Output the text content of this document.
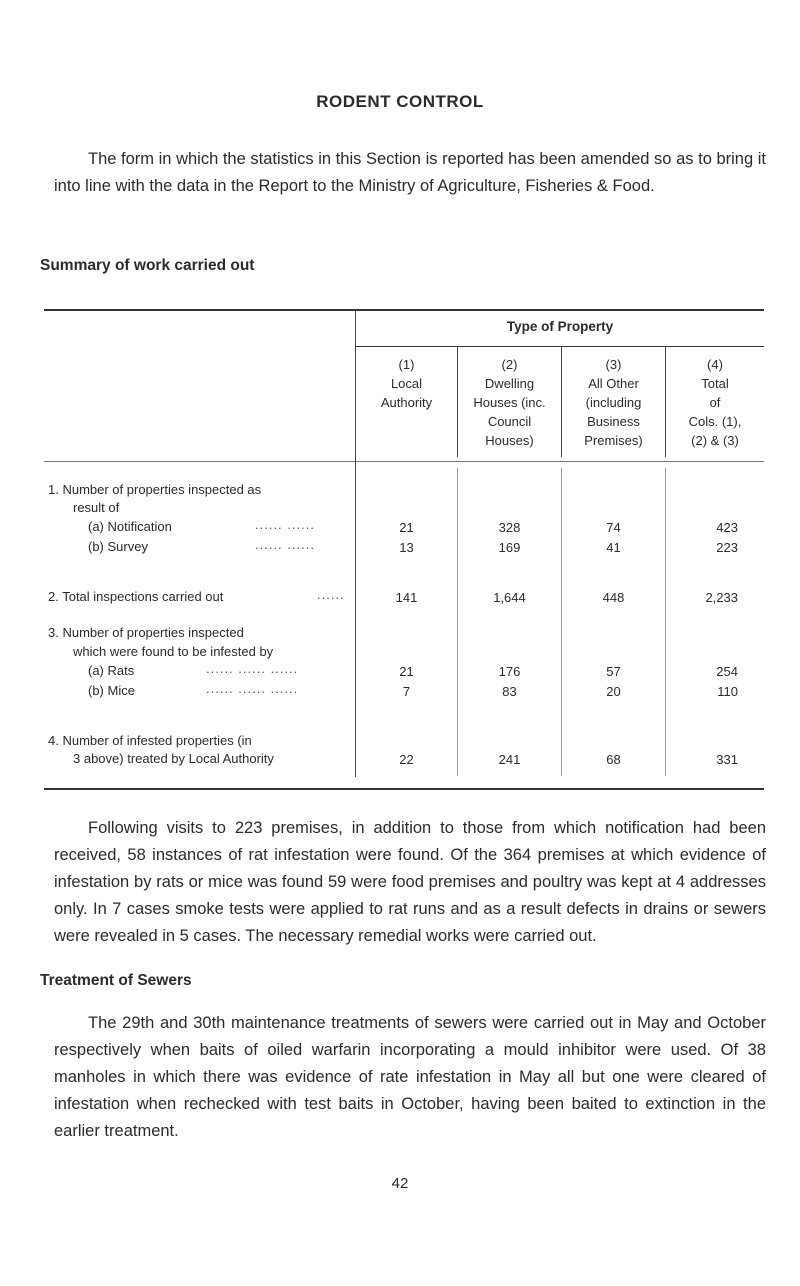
RODENT CONTROL
The form in which the statistics in this Section is reported has been amended so as to bring it into line with the data in the Report to the Ministry of Agriculture, Fisheries & Food.
Summary of work carried out
Type of Property
(1)
Local
Authority
(2)
Dwelling
Houses (inc.
Council
Houses)
(3)
All Other
(including
Business
Premises)
(4)
Total
of
Cols. (1),
(2) & (3)
1. Number of properties inspected as
result of
(a) Notification	...... ......	21	328	74	423
(b) Survey	...... ......	13	169	41	223
2. Total inspections carried out	......	141	1,644	448	2,233
3. Number of properties inspected
which were found to be infested by
(a) Rats	...... ...... ......	21	176	57	254
(b) Mice	...... ...... ......	7	83	20	110
4. Number of infested properties (in
3 above) treated by Local Authority	22	241	68	331
Following visits to 223 premises, in addition to those from which notification had been received, 58 instances of rat infestation were found. Of the 364 premises at which evidence of infestation by rats or mice was found 59 were food premises and poultry was kept at 4 addresses only. In 7 cases smoke tests were applied to rat runs and as a result defects in drains or sewers were revealed in 5 cases. The necessary remedial works were carried out.
Treatment of Sewers
The 29th and 30th maintenance treatments of sewers were carried out in May and October respectively when baits of oiled warfarin incorporating a mould inhibitor were used. Of 38 manholes in which there was evidence of rate infestation in May all but one were cleared of infestation when rechecked with test baits in October, having been baited to extinction in the earlier treatment.
42
